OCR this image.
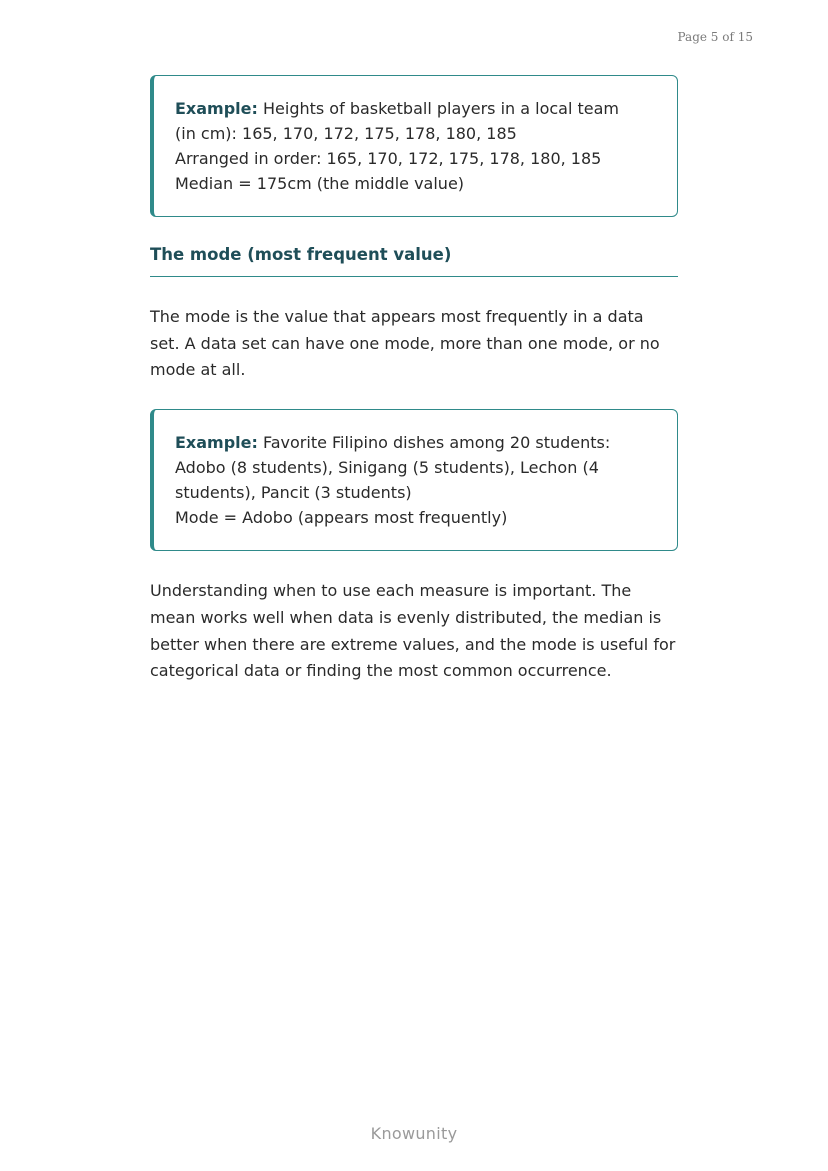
Page 5 of 15
Example: Heights of basketball players in a local team
(in cm): 165, 170, 172, 175, 178, 180, 185
Arranged in order: 165, 170, 172, 175, 178, 180, 185
Median = 175cm (the middle value)
The mode (most frequent value)

The mode is the value that appears most frequently in a data set. A data set can have one mode, more than one mode, or no mode at all.

Example: Favorite Filipino dishes among 20 students:
Adobo (8 students), Sinigang (5 students), Lechon (4
students), Pancit (3 students)
Mode = Adobo (appears most frequently)

Understanding when to use each measure is important. The mean works well when data is evenly distributed, the median is better when there are extreme values, and the mode is useful for categorical data or finding the most common occurrence.

Knowunity
